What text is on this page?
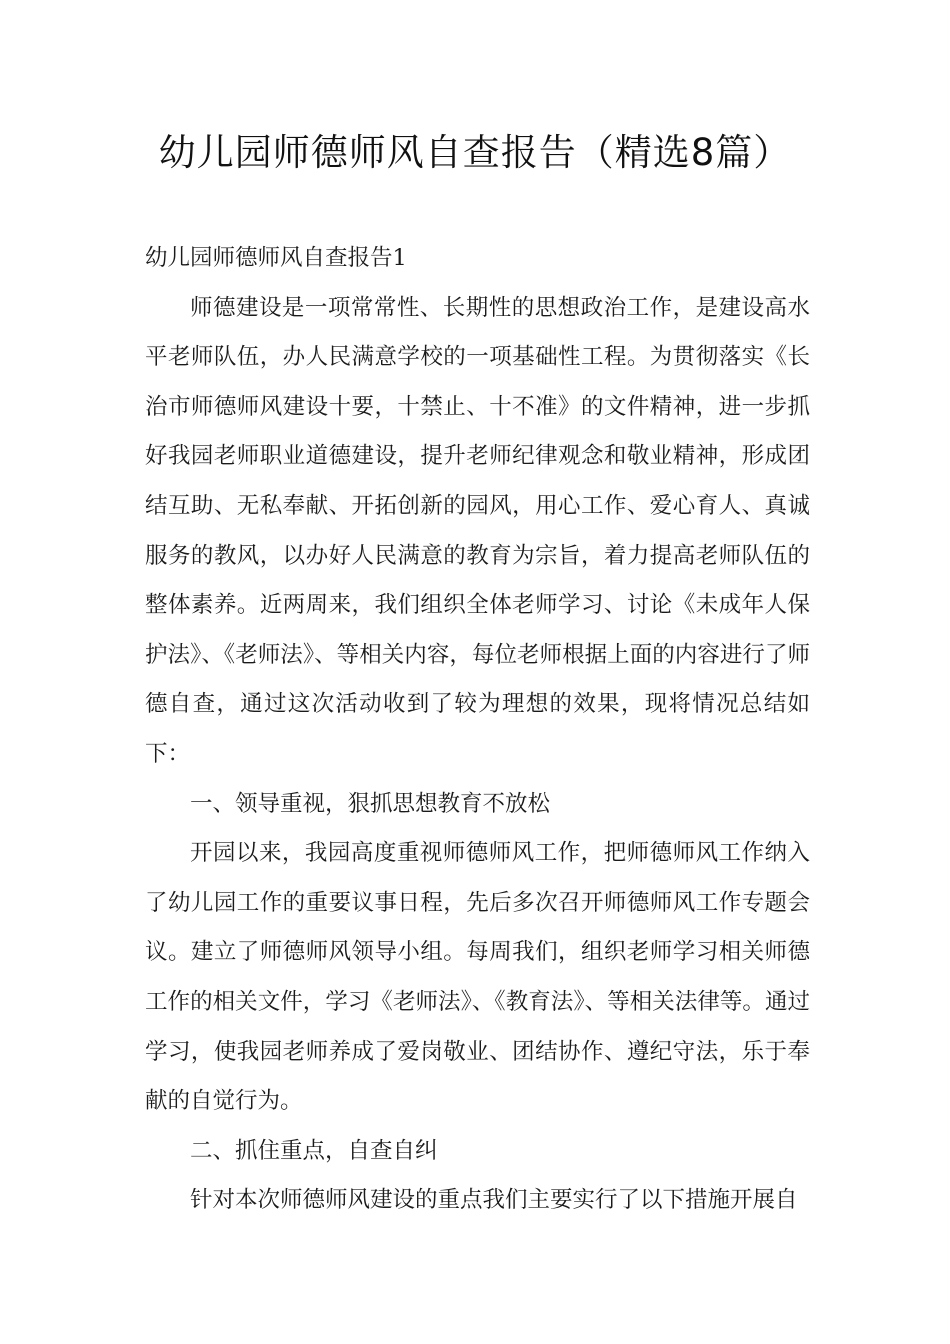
幼儿园师德师风自查报告（精选8篇）

幼儿园师德师风自查报告1

师德建设是一项常常性、长期性的思想政治工作，是建设高水平老师队伍，办人民满意学校的一项基础性工程。为贯彻落实《长治市师德师风建设十要，十禁止、十不准》的文件精神，进一步抓好我园老师职业道德建设，提升老师纪律观念和敬业精神，形成团结互助、无私奉献、开拓创新的园风，用心工作、爱心育人、真诚服务的教风，以办好人民满意的教育为宗旨，着力提高老师队伍的整体素养。近两周来，我们组织全体老师学习、讨论《未成年人保护法》、《老师法》、等相关内容，每位老师根据上面的内容进行了师德自查，通过这次活动收到了较为理想的效果，现将情况总结如下：

一、领导重视，狠抓思想教育不放松

开园以来，我园高度重视师德师风工作，把师德师风工作纳入了幼儿园工作的重要议事日程，先后多次召开师德师风工作专题会议。建立了师德师风领导小组。每周我们，组织老师学习相关师德工作的相关文件，学习《老师法》、《教育法》、等相关法律等。通过学习，使我园老师养成了爱岗敬业、团结协作、遵纪守法，乐于奉献的自觉行为。

二、抓住重点，自查自纠

针对本次师德师风建设的重点我们主要实行了以下措施开展自
